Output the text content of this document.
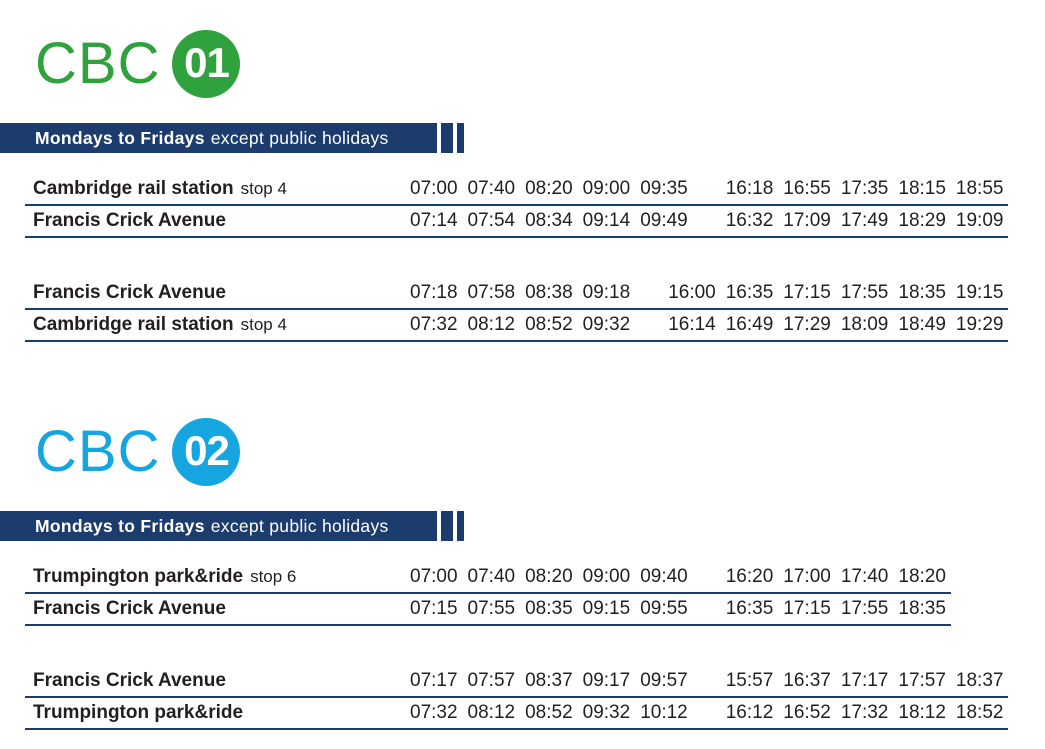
CBC 01
Mondays to Fridays except public holidays
Cambridge rail station stop 4	07:00 07:40 08:20 09:00 09:35 16:18 16:55 17:35 18:15 18:55
Francis Crick Avenue	07:14 07:54 08:34 09:14 09:49 16:32 17:09 17:49 18:29 19:09
Francis Crick Avenue	07:18 07:58 08:38 09:18 16:00 16:35 17:15 17:55 18:35 19:15
Cambridge rail station stop 4	07:32 08:12 08:52 09:32 16:14 16:49 17:29 18:09 18:49 19:29
CBC 02
Mondays to Fridays except public holidays
Trumpington park&ride stop 6	07:00 07:40 08:20 09:00 09:40 16:20 17:00 17:40 18:20
Francis Crick Avenue	07:15 07:55 08:35 09:15 09:55 16:35 17:15 17:55 18:35
Francis Crick Avenue	07:17 07:57 08:37 09:17 09:57 15:57 16:37 17:17 17:57 18:37
Trumpington park&ride	07:32 08:12 08:52 09:32 10:12 16:12 16:52 17:32 18:12 18:52
